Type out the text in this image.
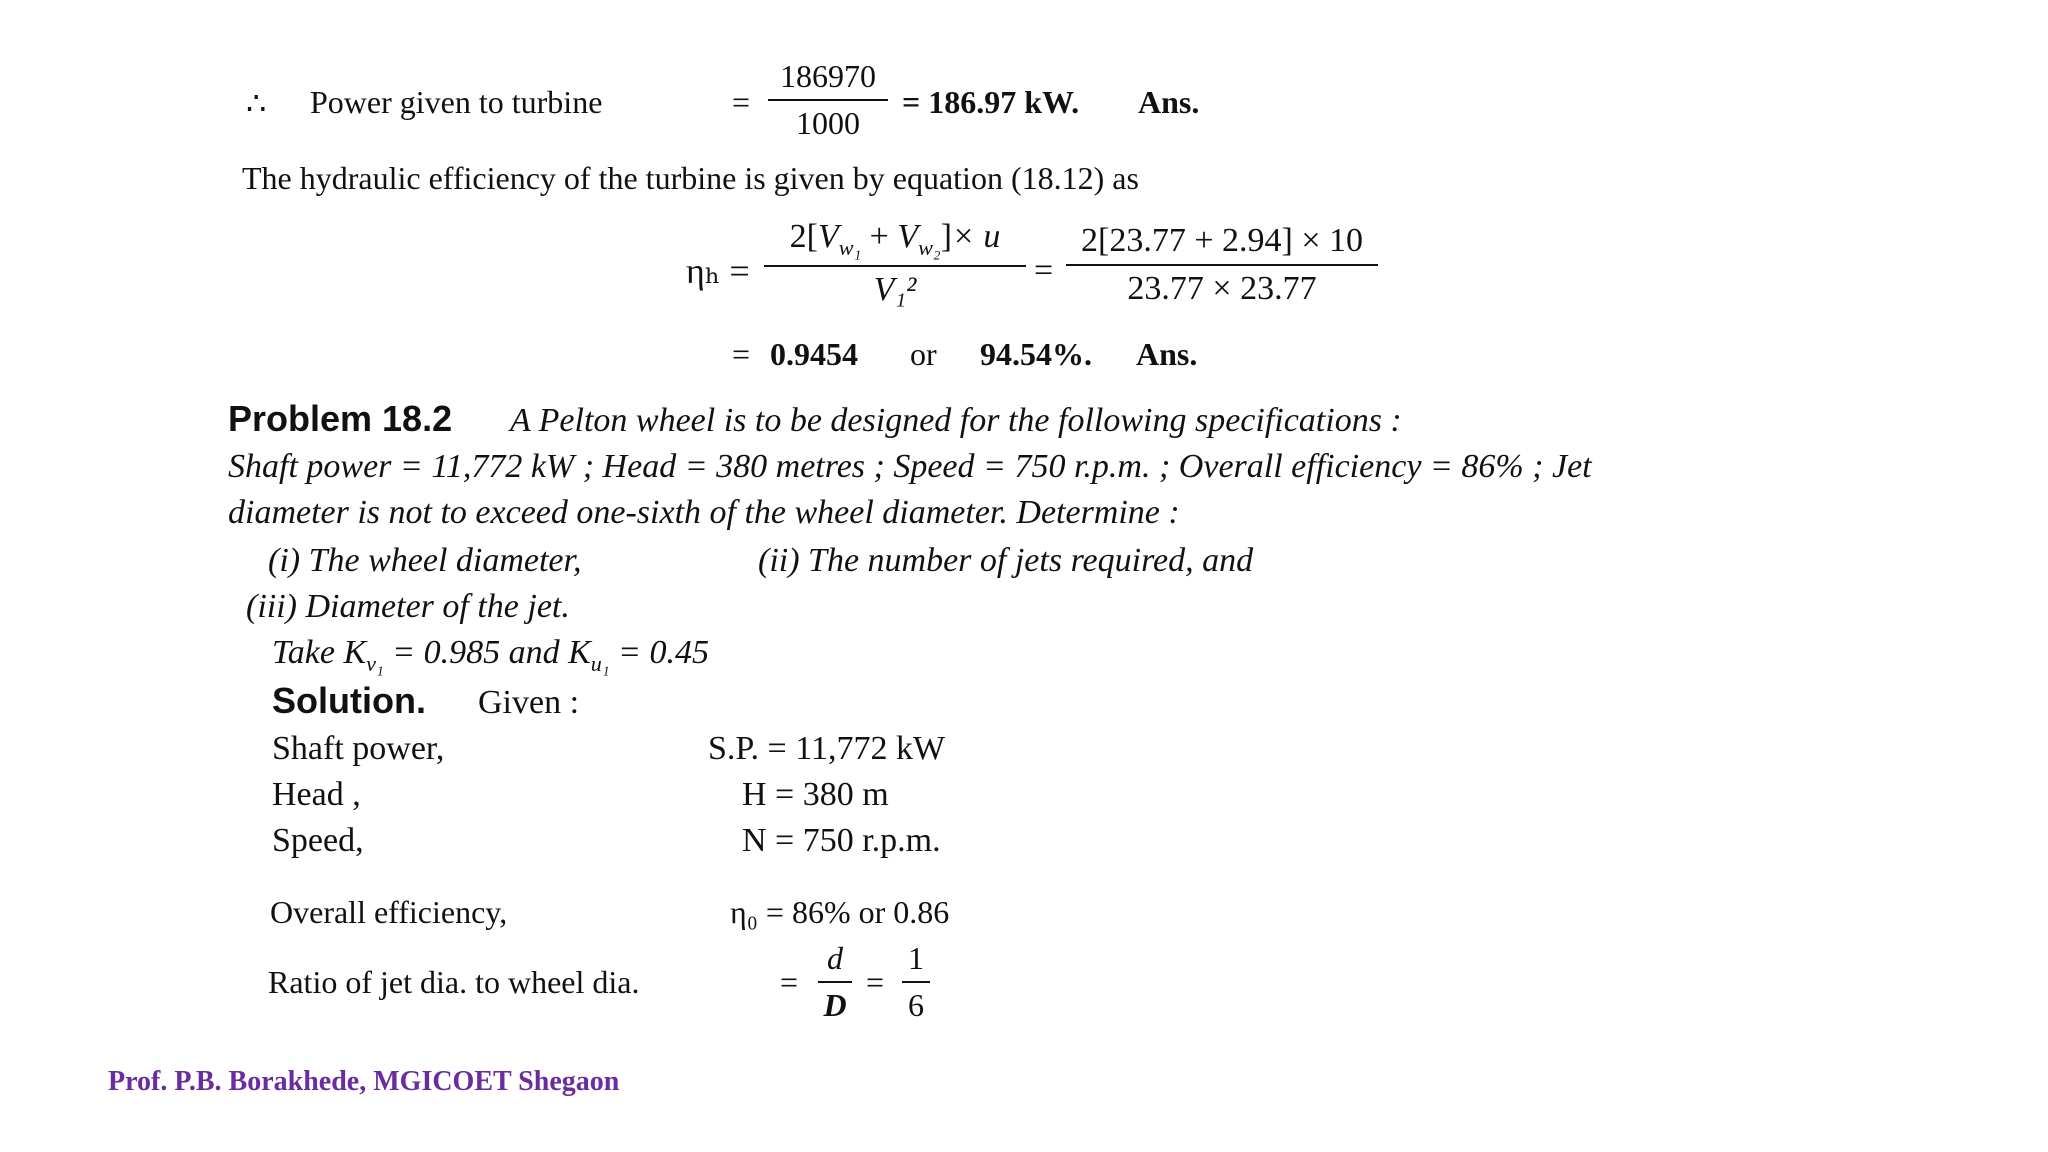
∴ Power given to turbine	=
186970
1000
= 186.97 kW. Ans.
The hydraulic efficiency of the turbine is given by equation (18.12) as
ηₕ =
$2[V_{w_1} + V_{w_2}]\times u$
V₁²
=
2[23.77 + 2.94] × 10
23.77 × 23.77
= 0.9454 or 94.54%. Ans.
Problem 18.2 A Pelton wheel is to be designed for the following specifications :
Shaft power = 11,772 kW ; Head = 380 metres ; Speed = 750 r.p.m. ; Overall efficiency = 86% ; Jet
diameter is not to exceed one-sixth of the wheel diameter. Determine :
(i) The wheel diameter,	(ii) The number of jets required, and
(iii) Diameter of the jet.
Take $K_{v_1} = 0.985$ and $K_{u_1} = 0.45$
Solution. Given :
Shaft power,	S.P. = 11,772 kW
Head ,	H = 380 m
Speed,	N = 750 r.p.m.
Overall efficiency,	η₀ = 86% or 0.86
Ratio of jet dia. to wheel dia.	=
d
D
=
1
6
Prof. P.B. Borakhede, MGICOET Shegaon
